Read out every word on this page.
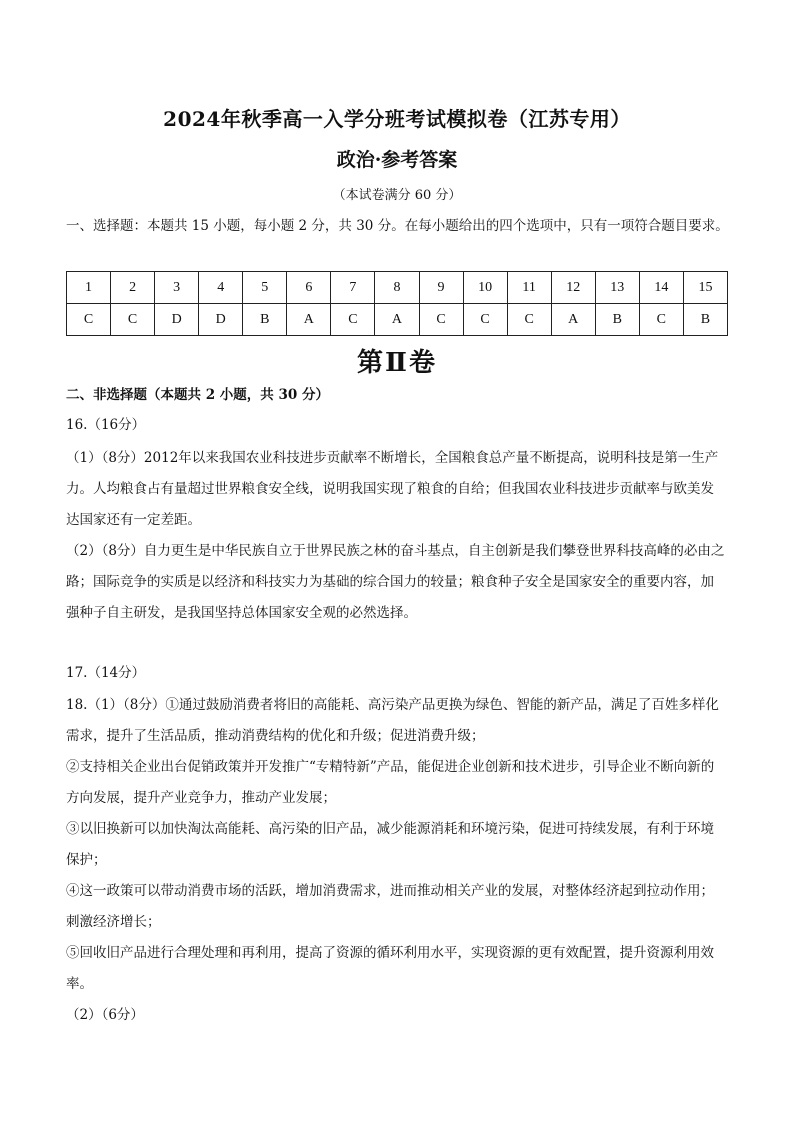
2024年秋季高一入学分班考试模拟卷（江苏专用）
政治·参考答案
（本试卷满分 60 分）
一、选择题：本题共 15 小题，每小题 2 分，共 30 分。在每小题给出的四个选项中，只有一项符合题目要求。
1	2	3	4	5	6	7	8	9	10	11	12	13	14	15
C	C	D	D	B	A	C	A	C	C	C	A	B	C	B
第Ⅱ卷
二、非选择题（本题共 2 小题，共 30 分）

16.（16分）

（1）（8分）2012年以来我国农业科技进步贡献率不断增长，全国粮食总产量不断提高，说明科技是第一生产力。人均粮食占有量超过世界粮食安全线，说明我国实现了粮食的自给；但我国农业科技进步贡献率与欧美发达国家还有一定差距。

（2）（8分）自力更生是中华民族自立于世界民族之林的奋斗基点，自主创新是我们攀登世界科技高峰的必由之路；国际竞争的实质是以经济和科技实力为基础的综合国力的较量；粮食种子安全是国家安全的重要内容，加强种子自主研发，是我国坚持总体国家安全观的必然选择。

17.（14分）

18.（1）（8分）①通过鼓励消费者将旧的高能耗、高污染产品更换为绿色、智能的新产品，满足了百姓多样化需求，提升了生活品质，推动消费结构的优化和升级；促进消费升级；

②支持相关企业出台促销政策并开发推广“专精特新”产品，能促进企业创新和技术进步，引导企业不断向新的方向发展，提升产业竞争力，推动产业发展；

③以旧换新可以加快淘汰高能耗、高污染的旧产品，减少能源消耗和环境污染，促进可持续发展，有利于环境保护；

④这一政策可以带动消费市场的活跃，增加消费需求，进而推动相关产业的发展，对整体经济起到拉动作用；刺激经济增长；

⑤回收旧产品进行合理处理和再利用，提高了资源的循环利用水平，实现资源的更有效配置，提升资源利用效率。

（2）（6分）
